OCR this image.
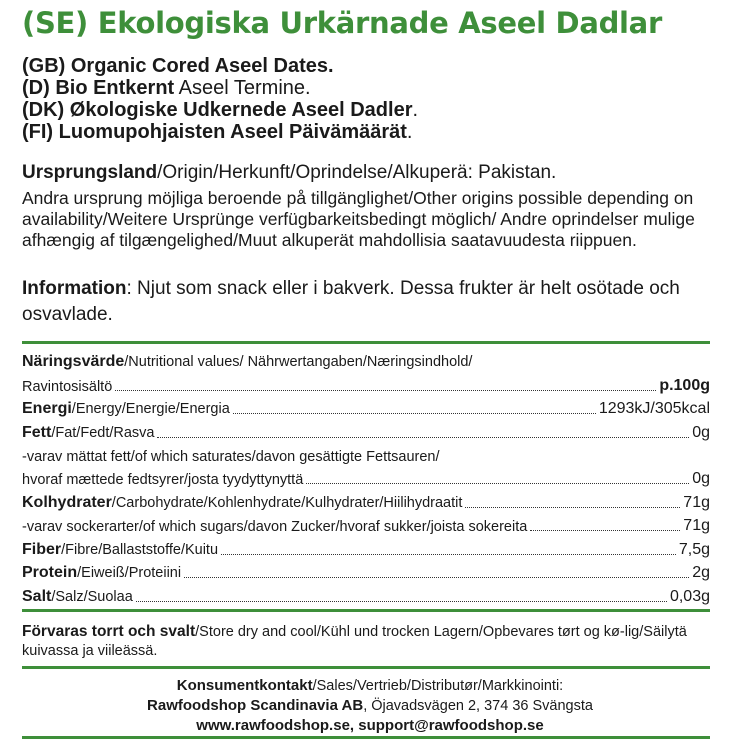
(SE) Ekologiska Urkärnade Aseel Dadlar
(GB) Organic Cored Aseel Dates.
(D) Bio Entkernt Aseel Termine.
(DK) Økologiske Udkernede Aseel Dadler.
(FI) Luomupohjaisten Aseel Päivämäärät.
Ursprungsland/Origin/Herkunft/Oprindelse/Alkuperä: Pakistan.
Andra ursprung möjliga beroende på tillgänglighet/Other origins possible depending on availability/Weitere Ursprünge verfügbarkeitsbedingt möglich/ Andre oprindelser mulige afhængig af tilgængelighed/Muut alkuperät mahdollisia saatavuudesta riippuen.
Information: Njut som snack eller i bakverk. Dessa frukter är helt osötade och osvavlade.
Näringsvärde/Nutritional values/ Nährwertangaben/Næringsindhold/
Ravintosisältö	p.100g
Energi/Energy/Energie/Energia	1293kJ/305kcal
Fett/Fat/Fedt/Rasva	0g
-varav mättat fett/of which saturates/davon gesättigte Fettsauren/
hvoraf mættede fedtsyrer/josta tyydyttynyttä	0g
Kolhydrater/Carbohydrate/Kohlenhydrate/Kulhydrater/Hiilihydraatit	71g
-varav sockerarter/of which sugars/davon Zucker/hvoraf sukker/joista sokereita	71g
Fiber/Fibre/Ballaststoffe/Kuitu	7,5g
Protein/Eiweiß/Proteiini	2g
Salt/Salz/Suolaa	0,03g
Förvaras torrt och svalt/Store dry and cool/Kühl und trocken Lagern/Opbevares tørt og kø-lig/Säilytä kuivassa ja viileässä.
Konsumentkontakt/Sales/Vertrieb/Distributør/Markkinointi:
Rawfoodshop Scandinavia AB, Öjavadsvägen 2, 374 36 Svängsta
www.rawfoodshop.se, support@rawfoodshop.se
